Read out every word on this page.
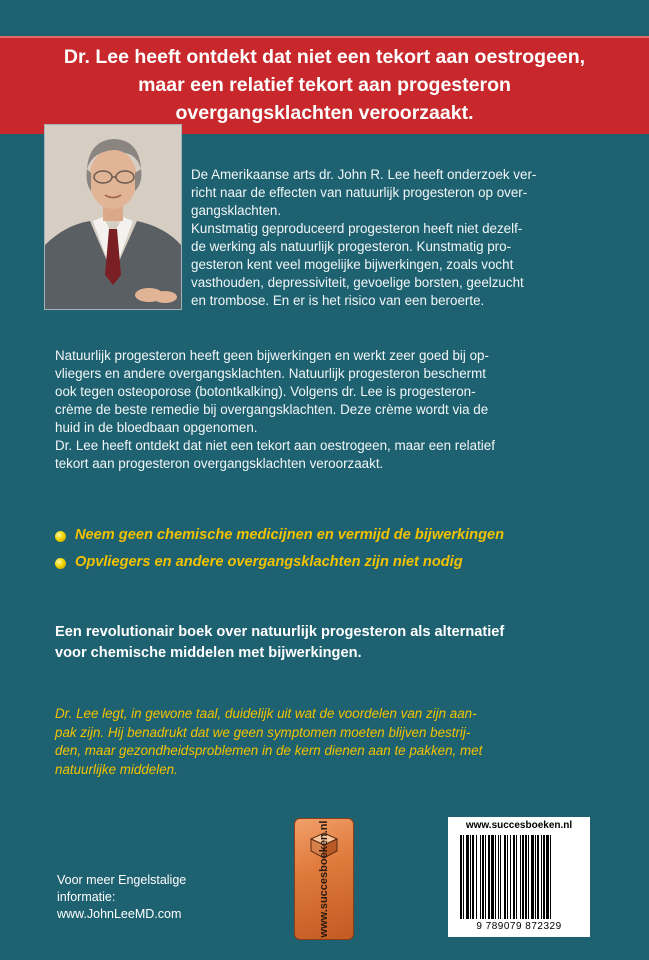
Dr. Lee heeft ontdekt dat niet een tekort aan oestrogeen,
maar een relatief tekort aan progesteron
overgangsklachten veroorzaakt.
De Amerikaanse arts dr. John R. Lee heeft onderzoek ver-
richt naar de effecten van natuurlijk progesteron op over-
gangsklachten.
Kunstmatig geproduceerd progesteron heeft niet dezelf-
de werking als natuurlijk progesteron. Kunstmatig pro-
gesteron kent veel mogelijke bijwerkingen, zoals vocht
vasthouden, depressiviteit, gevoelige borsten, geelzucht
en trombose. En er is het risico van een beroerte.
Natuurlijk progesteron heeft geen bijwerkingen en werkt zeer goed bij op-
vliegers en andere overgangsklachten. Natuurlijk progesteron beschermt
ook tegen osteoporose (botontkalking). Volgens dr. Lee is progesteron-
crème de beste remedie bij overgangsklachten. Deze crème wordt via de
huid in de bloedbaan opgenomen.
Dr. Lee heeft ontdekt dat niet een tekort aan oestrogeen, maar een relatief
tekort aan progesteron overgangsklachten veroorzaakt.
Neem geen chemische medicijnen en vermijd de bijwerkingen
Opvliegers en andere overgangsklachten zijn niet nodig
Een revolutionair boek over natuurlijk progesteron als alternatief
voor chemische middelen met bijwerkingen.
Dr. Lee legt, in gewone taal, duidelijk uit wat de voordelen van zijn aan-
pak zijn. Hij benadrukt dat we geen symptomen moeten blijven bestrij-
den, maar gezondheidsproblemen in de kern dienen aan te pakken, met
natuurlijke middelen.
Voor meer Engelstalige
informatie:
www.JohnLeeMD.com	www.succesboeken.nl	www.succesboeken.nl
9 789079 872329
